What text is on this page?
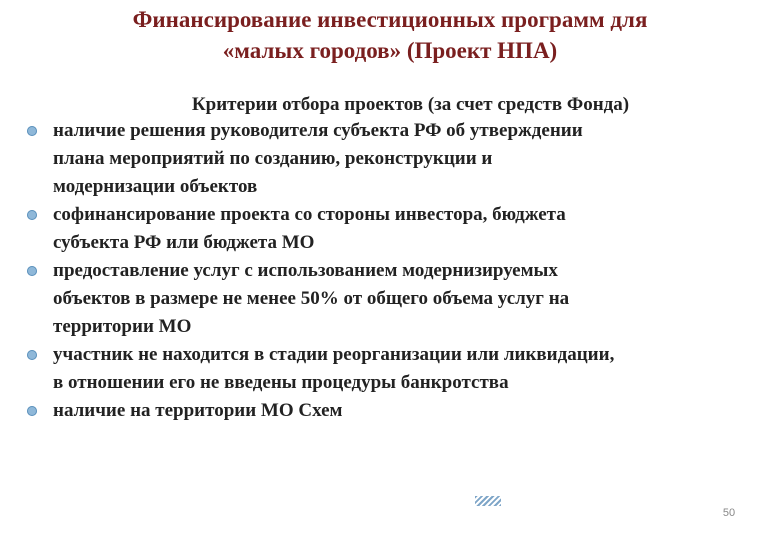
Финансирование инвестиционных программ для
«малых городов» (Проект НПА)

Критерии отбора проектов (за счет средств Фонда)

наличие решения руководителя субъекта РФ об утверждении
плана мероприятий по созданию, реконструкции и
модернизации объектов
софинансирование проекта со стороны инвестора, бюджета
субъекта РФ или бюджета МО
предоставление услуг с использованием модернизируемых
объектов в размере не менее 50% от общего объема услуг на
территории МО
участник не находится в стадии реорганизации или ликвидации,
в отношении его не введены процедуры банкротства
наличие на территории МО Схем
50
